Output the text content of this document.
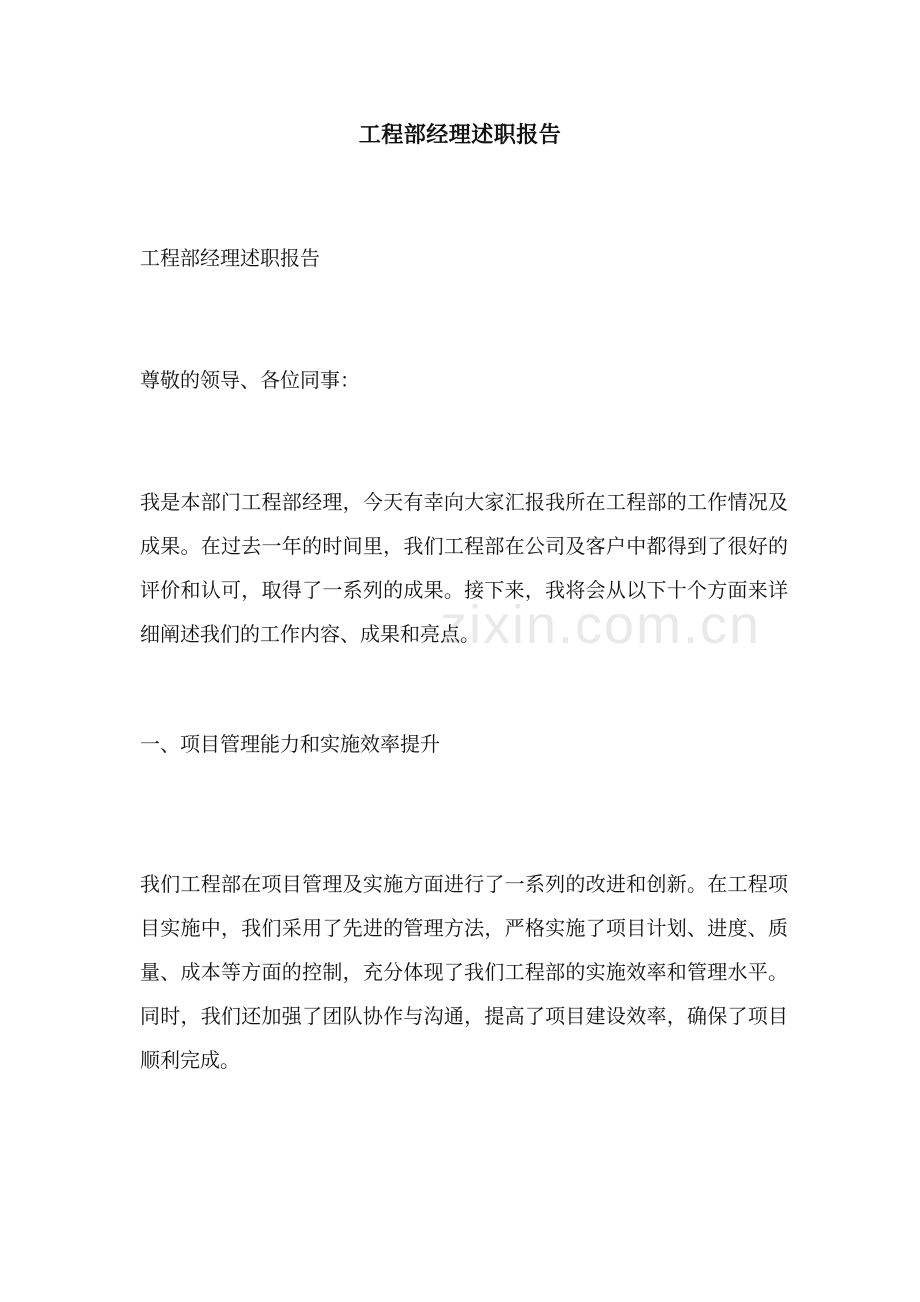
工程部经理述职报告
工程部经理述职报告
尊敬的领导、各位同事：
我是本部门工程部经理，今天有幸向大家汇报我所在工程部的工作情况及成果。在过去一年的时间里，我们工程部在公司及客户中都得到了很好的评价和认可，取得了一系列的成果。接下来，我将会从以下十个方面来详细阐述我们的工作内容、成果和亮点。
一、项目管理能力和实施效率提升
我们工程部在项目管理及实施方面进行了一系列的改进和创新。在工程项目实施中，我们采用了先进的管理方法，严格实施了项目计划、进度、质量、成本等方面的控制，充分体现了我们工程部的实施效率和管理水平。同时，我们还加强了团队协作与沟通，提高了项目建设效率，确保了项目顺利完成。
zixin.com.cn
